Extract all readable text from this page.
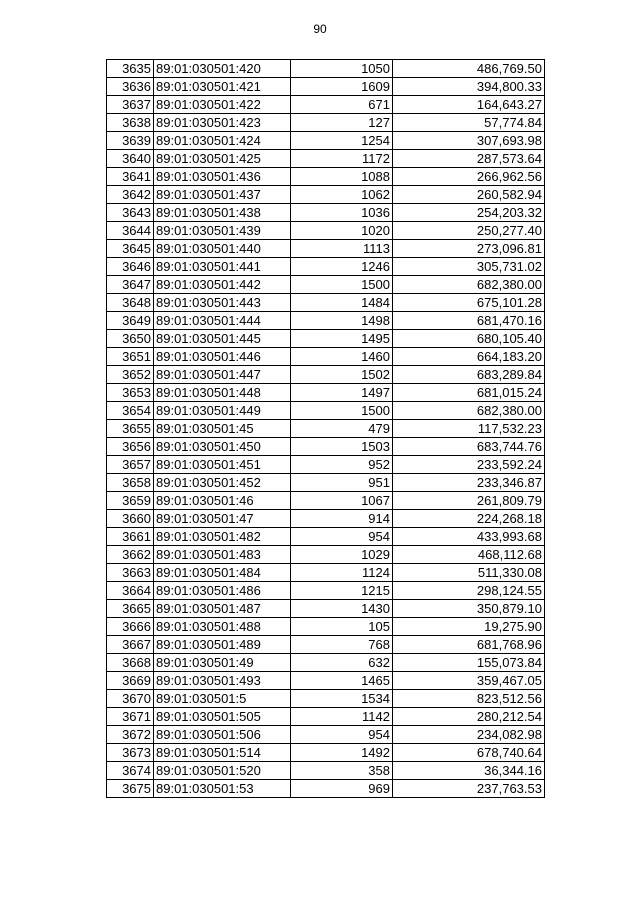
90
3635	89:01:030501:420	1050	486,769.50
3636	89:01:030501:421	1609	394,800.33
3637	89:01:030501:422	671	164,643.27
3638	89:01:030501:423	127	57,774.84
3639	89:01:030501:424	1254	307,693.98
3640	89:01:030501:425	1172	287,573.64
3641	89:01:030501:436	1088	266,962.56
3642	89:01:030501:437	1062	260,582.94
3643	89:01:030501:438	1036	254,203.32
3644	89:01:030501:439	1020	250,277.40
3645	89:01:030501:440	1113	273,096.81
3646	89:01:030501:441	1246	305,731.02
3647	89:01:030501:442	1500	682,380.00
3648	89:01:030501:443	1484	675,101.28
3649	89:01:030501:444	1498	681,470.16
3650	89:01:030501:445	1495	680,105.40
3651	89:01:030501:446	1460	664,183.20
3652	89:01:030501:447	1502	683,289.84
3653	89:01:030501:448	1497	681,015.24
3654	89:01:030501:449	1500	682,380.00
3655	89:01:030501:45	479	117,532.23
3656	89:01:030501:450	1503	683,744.76
3657	89:01:030501:451	952	233,592.24
3658	89:01:030501:452	951	233,346.87
3659	89:01:030501:46	1067	261,809.79
3660	89:01:030501:47	914	224,268.18
3661	89:01:030501:482	954	433,993.68
3662	89:01:030501:483	1029	468,112.68
3663	89:01:030501:484	1124	511,330.08
3664	89:01:030501:486	1215	298,124.55
3665	89:01:030501:487	1430	350,879.10
3666	89:01:030501:488	105	19,275.90
3667	89:01:030501:489	768	681,768.96
3668	89:01:030501:49	632	155,073.84
3669	89:01:030501:493	1465	359,467.05
3670	89:01:030501:5	1534	823,512.56
3671	89:01:030501:505	1142	280,212.54
3672	89:01:030501:506	954	234,082.98
3673	89:01:030501:514	1492	678,740.64
3674	89:01:030501:520	358	36,344.16
3675	89:01:030501:53	969	237,763.53
